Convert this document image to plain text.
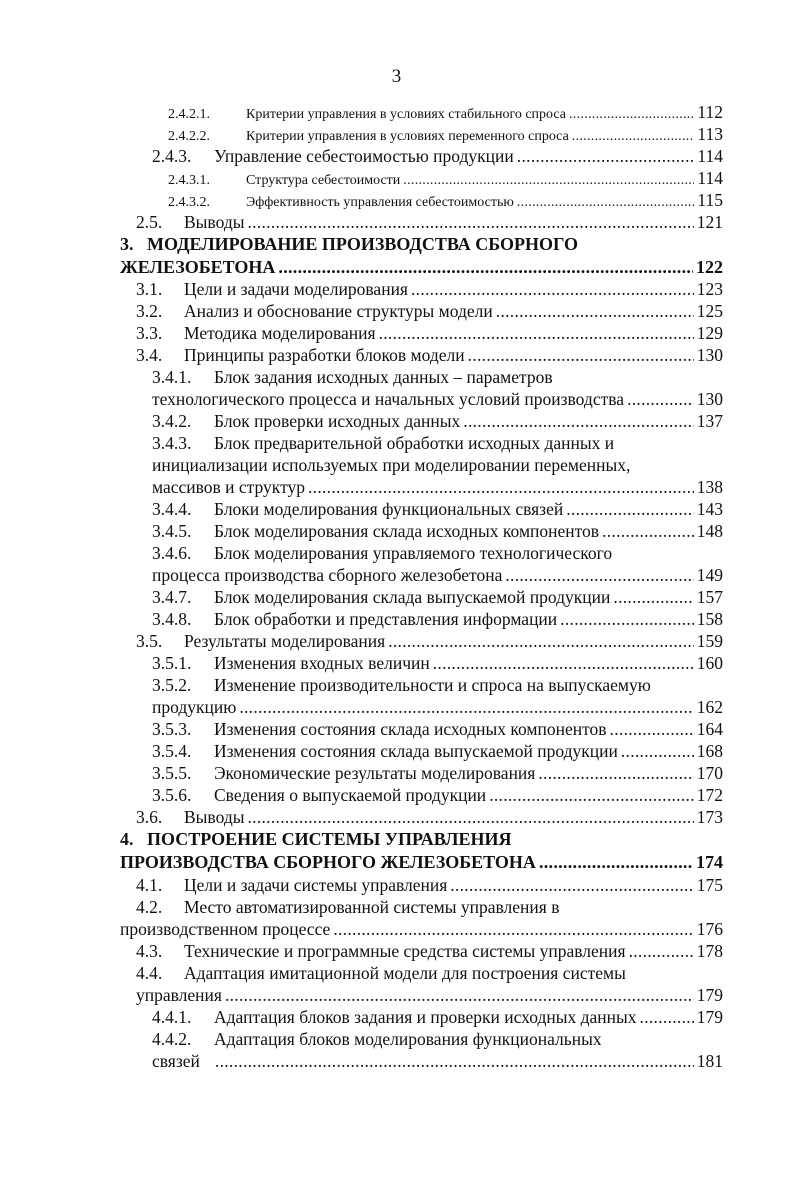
3
2.4.2.1.	Критерии управления в условиях стабильного спроса .....	112
2.4.2.2.	Критерии управления в условиях переменного спроса .....	113
2.4.3.	Управление себестоимостью продукции .....	114
2.4.3.1.	Структура себестоимости .....	114
2.4.3.2.	Эффективность управления себестоимостью .....	115
2.5.	Выводы .....	121
3. МОДЕЛИРОВАНИЕ ПРОИЗВОДСТВА СБОРНОГО
ЖЕЛЕЗОБЕТОНА .....	122
3.1.	Цели и задачи моделирования .....	123
3.2.	Анализ и обоснование структуры модели .....	125
3.3.	Методика моделирования .....	129
3.4.	Принципы разработки блоков модели .....	130
3.4.1.	Блок задания исходных данных – параметров
технологического процесса и начальных условий производства .....	130
3.4.2.	Блок проверки исходных данных .....	137
3.4.3.	Блок предварительной обработки исходных данных и
инициализации используемых при моделировании переменных,
массивов и структур .....	138
3.4.4.	Блоки моделирования функциональных связей .....	143
3.4.5.	Блок моделирования склада исходных компонентов .....	148
3.4.6.	Блок моделирования управляемого технологического
процесса производства сборного железобетона .....	149
3.4.7.	Блок моделирования склада выпускаемой продукции .....	157
3.4.8.	Блок обработки и представления информации .....	158
3.5.	Результаты моделирования .....	159
3.5.1.	Изменения входных величин .....	160
3.5.2.	Изменение производительности и спроса на выпускаемую
продукцию .....	162
3.5.3.	Изменения состояния склада исходных компонентов .....	164
3.5.4.	Изменения состояния склада выпускаемой продукции .....	168
3.5.5.	Экономические результаты моделирования .....	170
3.5.6.	Сведения о выпускаемой продукции .....	172
3.6.	Выводы .....	173
4. ПОСТРОЕНИЕ СИСТЕМЫ УПРАВЛЕНИЯ
ПРОИЗВОДСТВА СБОРНОГО ЖЕЛЕЗОБЕТОНА .....	174
4.1.	Цели и задачи системы управления .....	175
4.2.	Место автоматизированной системы управления в
производственном процессе .....	176
4.3.	Технические и программные средства системы управления .....	178
4.4.	Адаптация имитационной модели для построения системы
управления .....	179
4.4.1.	Адаптация блоков задания и проверки исходных данных .....	179
4.4.2.	Адаптация блоков моделирования функциональных
связей .....	181
